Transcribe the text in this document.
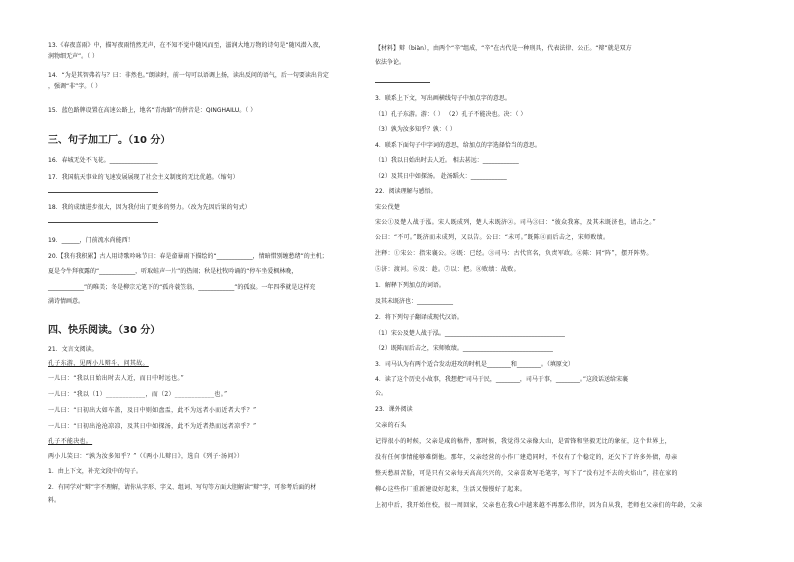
13.《春夜喜雨》中，描写夜雨悄然无声，在不知不觉中随风而至，滋润大地万物的诗句是“随风潜入夜，
润物细无声”。（ ）
14．“为是其智弗若与？曰：非然也。”朗读时，前一句可以语调上扬，读出反问的语气，后一句要读出肯定
，强调“非”字。（ ）
15．蓝色路牌设置在高速公路上，地名“青海路”的拼音是：QINGHAILU。（ ）
三、句子加工厂。（10 分）
16．春城无处不飞花。________________
17．我国航天事业的飞速发展展现了社会主义制度的无比优越。（缩句）
18．我的成绩进步很大，因为我付出了更多的努力。（改为先因后果的句式）
19．______，门前流水尚能西！
20.【我有我积累】古人用诗歌吟咏节日：春是畲暴雨下描绘的“____________，情暗惜别缠愁绪”的主机；
夏是令牛拜夜露的“____________，听取蛙声一片”的热闹；秋是杜牧吟诵的“停车坐爱枫林晚，
____________”的唯美；冬是柳宗元笔下的“孤舟蓑笠翁，____________”的孤寂。一年四季就是这样充
满诗情画意。
四、快乐阅读。（30 分）
21．文言文阅读。
孔子东游，见两小儿辩斗，问其故。
一儿曰：“我以日始出时去人近，而日中时远也。”
一儿曰：“我以（1）____________，而（2）____________也。”
一儿曰：“日初出大如车盖，及日中则如盘盂，此不为远者小而近者大乎？”
一儿曰：“日初出沧沧凉凉，及其日中如探汤，此不为近者热而远者凉乎？”
孔子不能决也。
两小儿笑曰：“孰为汝多知乎？”（《两小儿辩日》，选自《列子·汤问》）
1．由上下文，补充文段中的句子。
2．有同学对“辩”字不理解，请你从字形、字义、组词、写句等方面大胆解读“辩”字，可参考后面的材
料。
【材料】辩（biàn），由两个“辛”组成，“辛”在古代是一种刑具，代表法律、公正。“辩”就是双方
依法争论。
3．联系上下文，写出画横线句子中加点字的意思。
（1）孔子东游。游：（ ） （2）孔子不能决也。决：（ ）
（3）孰为汝多知乎？孰：（ ）
4．联系下面句子中字词的意思，给加点的字选择恰当的意思。
（1）我以日始出时去人近。 相去甚远：____________
（2）及其日中如探汤。 赴汤蹈火：____________
22．阅读理解与感悟。
宋公伐楚
宋公①及楚人战于泓。宋人既成列，楚人未既济②。司马③曰：“彼众我寡，及其未既济也，请击之。”
公曰：“不可。”既济而未成列，又以告。公曰：“未可。”既陈④而后击之，宋师败绩。
注释：①宋公：指宋襄公。②既：已经。③司马：古代官名，负责军政。④陈：同“阵”，摆开阵势。
⑤济：渡河。⑥及：趁。⑦以：把。⑧败绩：战败。
1．解释下列加点的词语。
及其未既济也：____________
2．将下列句子翻译成现代汉语。
（1）宋公及楚人战于泓。________________________________________
（2）既陈而后击之，宋师败绩。______________________________
3．司马认为有两个适合发动进攻的时机是________和________。（填原文）
4．读了这个历史小故事，我想把“司马于民，________，司马于事，________。”这段话送给宋襄
公。
23．课外阅读
父亲的石头
记得很小的时候，父亲是咸的稿件，那时候，我觉得父亲像大山，是雷锋和坚毅无比的象征，这个世界上，
没有任何事情能够难倒他。那年，父亲经营的小作厂建造同时，不仅有了个稳定的，还欠下了许多外债，母亲
整天愁眉苦脸，可是只有父亲每天高高兴兴的，父亲喜欢写毛笔字，写下了“没有过不去的火焰山”，挂在家的
柳心这些作厂重新建设好起来，生活又慢慢好了起来。
上初中后，我开始住校，很一周回家，父亲也在我心中越来越不再那么伟岸，因为自从我，老师也父亲们的年龄，父亲
